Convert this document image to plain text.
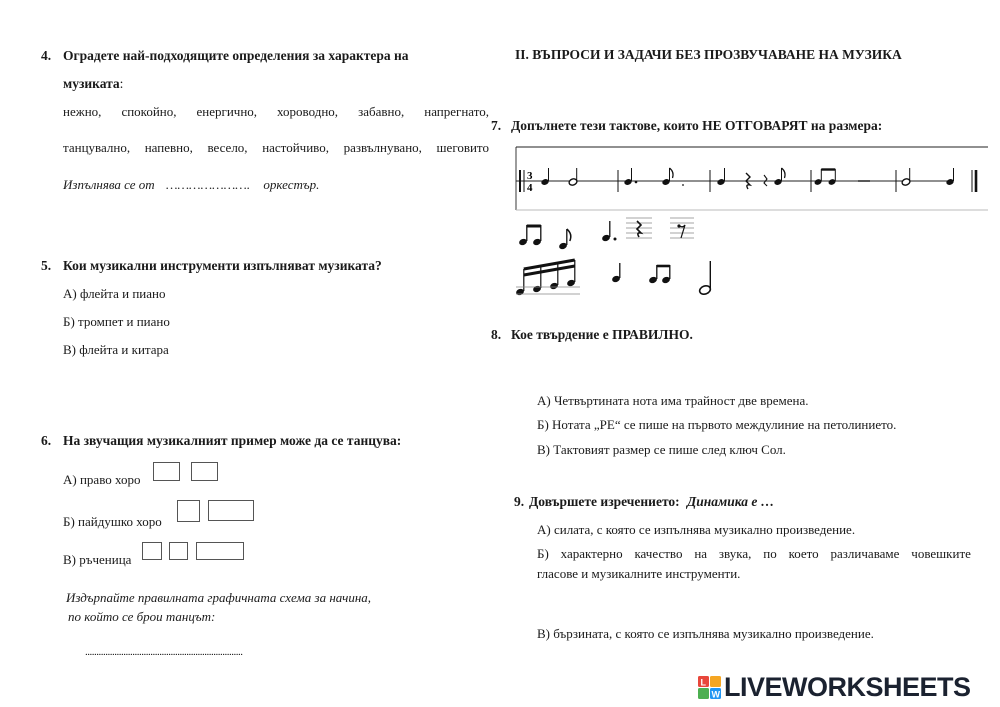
4. Оградете най-подходящите определения за характера на
музиката:
нежно, спокойно, енергично, хороводно, забавно, напрегнато,
танцувално, напевно, весело, настойчиво, развълнувано, шеговито
Изпълнява се от …………………. оркестър.
5. Кои музикални инструменти изпълняват музиката?
А) флейта и пиано
Б) тромпет и пиано
В) флейта и китара
6. На звучащия музикалният пример може да се танцува:
А) право хоро
Б) пайдушко хоро
В) ръченица
Издърпайте правилната графичната схема за начина,
по който се брои танцът:
......................................................................
II. ВЪПРОСИ И ЗАДАЧИ БЕЗ ПРОЗВУЧАВАНЕ НА МУЗИКА
7. Допълнете тези тактове, които НЕ ОТГОВАРЯТ на размера:
3
4
8. Кое твърдение е ПРАВИЛНО.
А) Четвъртината нота има трайност две времена.
Б) Нотата „РЕ“ се пише на първото междулиние на петолинието.
В) Тактовият размер се пише след ключ Сол.
9. Довършете изречението: Динамика е …
А) силата, с която се изпълнява музикално произведение.
Б) характерно качество на звука, по което различаваме човешките
гласове и музикалните инструменти.
В) бързината, с която се изпълнява музикално произведение.
L
W LIVEWORKSHEETS
